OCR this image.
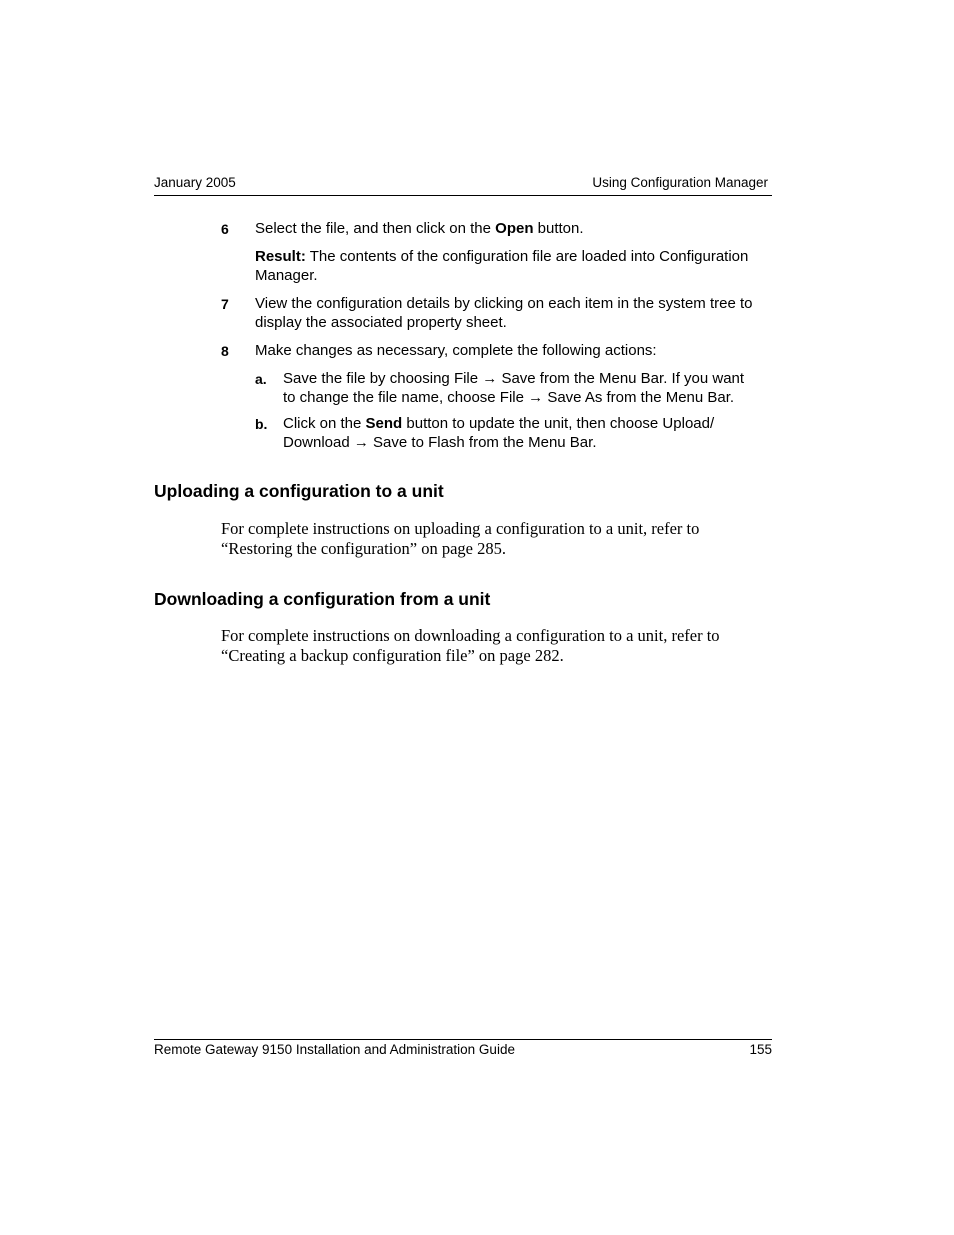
January 2005	Using Configuration Manager
6 Select the file, and then click on the Open button.
Result: The contents of the configuration file are loaded into Configuration
Manager.
7 View the configuration details by clicking on each item in the system tree to
display the associated property sheet.
8 Make changes as necessary, complete the following actions:
a. Save the file by choosing File → Save from the Menu Bar. If you want
to change the file name, choose File → Save As from the Menu Bar.
b. Click on the Send button to update the unit, then choose Upload/
Download → Save to Flash from the Menu Bar.
Uploading a configuration to a unit
For complete instructions on uploading a configuration to a unit, refer to
“Restoring the configuration” on page 285.
Downloading a configuration from a unit
For complete instructions on downloading a configuration to a unit, refer to
“Creating a backup configuration file” on page 282.
Remote Gateway 9150 Installation and Administration Guide	155
